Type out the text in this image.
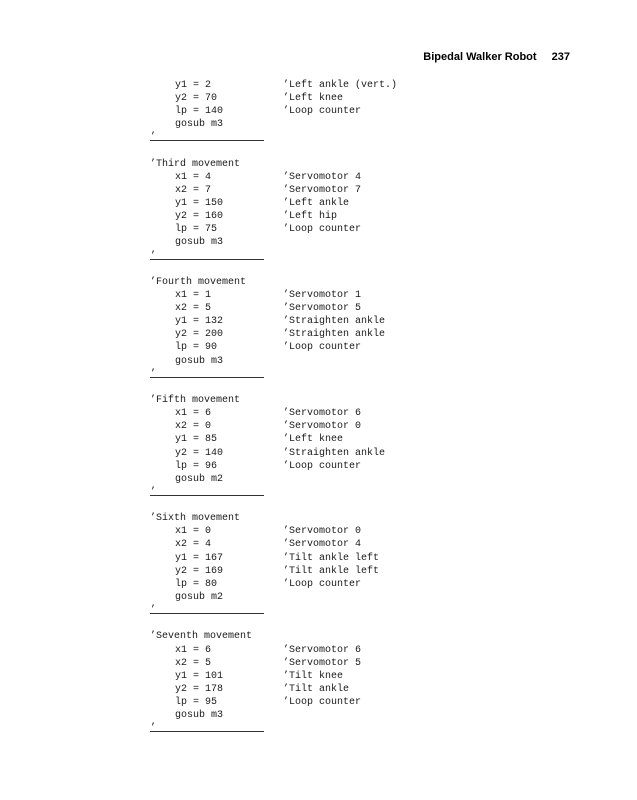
Bipedal Walker Robot 237
y1 = 2	’Left ankle (vert.)
y2 = 70	’Left knee
lp = 140	’Loop counter
gosub m3
’
’Third movement
x1 = 4	’Servomotor 4
x2 = 7	’Servomotor 7
y1 = 150	’Left ankle
y2 = 160	’Left hip
lp = 75	’Loop counter
gosub m3
’
’Fourth movement
x1 = 1	’Servomotor 1
x2 = 5	’Servomotor 5
y1 = 132	’Straighten ankle
y2 = 200	’Straighten ankle
lp = 90	’Loop counter
gosub m3
’
’Fifth movement
x1 = 6	’Servomotor 6
x2 = 0	’Servomotor 0
y1 = 85	’Left knee
y2 = 140	’Straighten ankle
lp = 96	’Loop counter
gosub m2
’
’Sixth movement
x1 = 0	’Servomotor 0
x2 = 4	’Servomotor 4
y1 = 167	’Tilt ankle left
y2 = 169	’Tilt ankle left
lp = 80	’Loop counter
gosub m2
’
’Seventh movement
x1 = 6	’Servomotor 6
x2 = 5	’Servomotor 5
y1 = 101	’Tilt knee
y2 = 178	’Tilt ankle
lp = 95	’Loop counter
gosub m3
’
